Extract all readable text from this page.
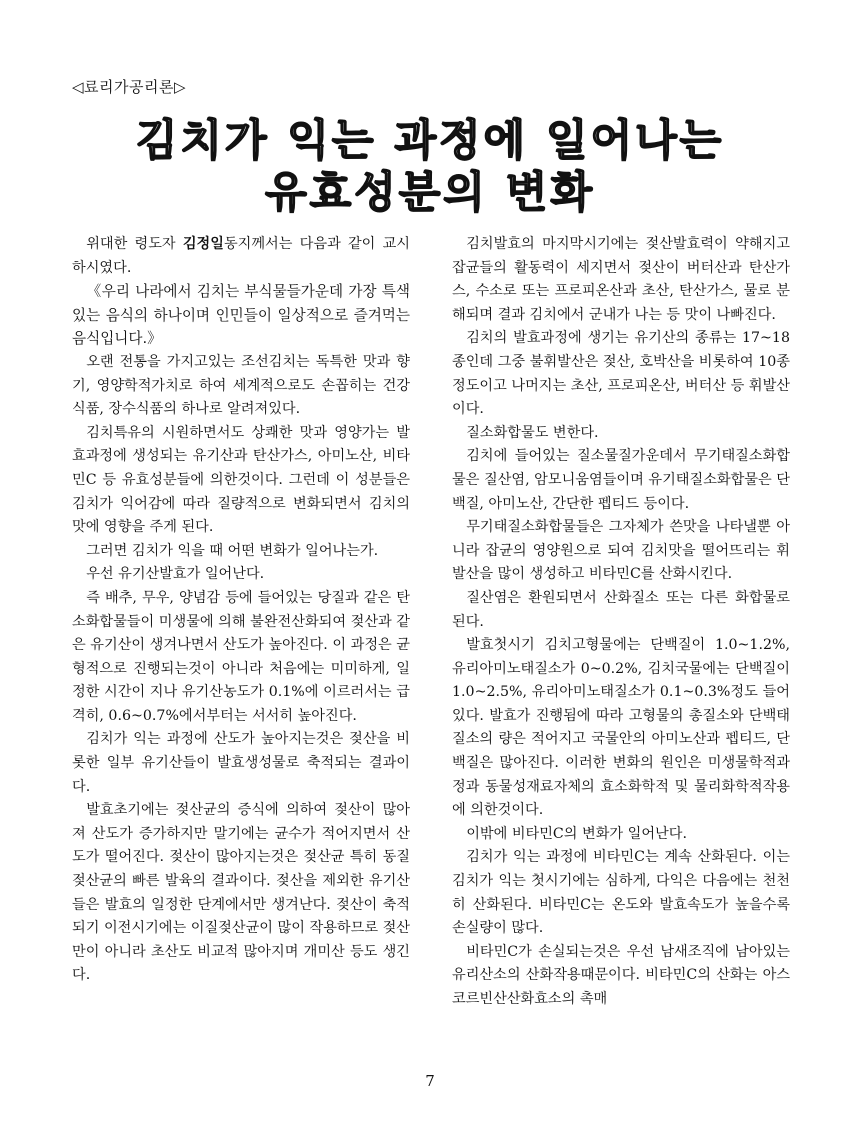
◁료리가공리론▷
김치가 익는 과정에 일어나는
유효성분의 변화

위대한 령도자 김정일동지께서는 다음과 같이 교시하시였다.

《우리 나라에서 김치는 부식물들가운데 가장 특색있는 음식의 하나이며 인민들이 일상적으로 즐겨먹는 음식입니다.》

오랜 전통을 가지고있는 조선김치는 독특한 맛과 향기, 영양학적가치로 하여 세계적으로도 손꼽히는 건강식품, 장수식품의 하나로 알려져있다.

김치특유의 시원하면서도 상쾌한 맛과 영양가는 발효과정에 생성되는 유기산과 탄산가스, 아미노산, 비타민C 등 유효성분들에 의한것이다. 그런데 이 성분들은 김치가 익어감에 따라 질량적으로 변화되면서 김치의 맛에 영향을 주게 된다.

그러면 김치가 익을 때 어떤 변화가 일어나는가.

우선 유기산발효가 일어난다.

즉 배추, 무우, 양념감 등에 들어있는 당질과 같은 탄소화합물들이 미생물에 의해 불완전산화되여 젖산과 같은 유기산이 생겨나면서 산도가 높아진다. 이 과정은 균형적으로 진행되는것이 아니라 처음에는 미미하게, 일정한 시간이 지나 유기산농도가 0.1%에 이르러서는 급격히, 0.6~0.7%에서부터는 서서히 높아진다.

김치가 익는 과정에 산도가 높아지는것은 젖산을 비롯한 일부 유기산들이 발효생성물로 축적되는 결과이다.

발효초기에는 젖산균의 증식에 의하여 젖산이 많아져 산도가 증가하지만 말기에는 균수가 적어지면서 산도가 떨어진다. 젖산이 많아지는것은 젖산균 특히 동질젖산균의 빠른 발육의 결과이다. 젖산을 제외한 유기산들은 발효의 일정한 단계에서만 생겨난다. 젖산이 축적되기 이전시기에는 이질젖산균이 많이 작용하므로 젖산만이 아니라 초산도 비교적 많아지며 개미산 등도 생긴다.

김치발효의 마지막시기에는 젖산발효력이 약해지고 잡균들의 활동력이 세지면서 젖산이 버터산과 탄산가스, 수소로 또는 프로피온산과 초산, 탄산가스, 물로 분해되며 결과 김치에서 군내가 나는 등 맛이 나빠진다.

김치의 발효과정에 생기는 유기산의 종류는 17~18종인데 그중 불휘발산은 젖산, 호박산을 비롯하여 10종정도이고 나머지는 초산, 프로피온산, 버터산 등 휘발산이다.

질소화합물도 변한다.

김치에 들어있는 질소물질가운데서 무기태질소화합물은 질산염, 암모니움염들이며 유기태질소화합물은 단백질, 아미노산, 간단한 펩티드 등이다.

무기태질소화합물들은 그자체가 쓴맛을 나타낼뿐 아니라 잡균의 영양원으로 되여 김치맛을 떨어뜨리는 휘발산을 많이 생성하고 비타민C를 산화시킨다.

질산염은 환원되면서 산화질소 또는 다른 화합물로 된다.

발효첫시기 김치고형물에는 단백질이 1.0~1.2%, 유리아미노태질소가 0~0.2%, 김치국물에는 단백질이 1.0~2.5%, 유리아미노태질소가 0.1~0.3%정도 들어있다. 발효가 진행됨에 따라 고형물의 총질소와 단백태질소의 량은 적어지고 국물안의 아미노산과 펩티드, 단백질은 많아진다. 이러한 변화의 원인은 미생물학적과정과 동물성재료자체의 효소화학적 및 물리화학적작용에 의한것이다.

이밖에 비타민C의 변화가 일어난다.

김치가 익는 과정에 비타민C는 계속 산화된다. 이는 김치가 익는 첫시기에는 심하게, 다익은 다음에는 천천히 산화된다. 비타민C는 온도와 발효속도가 높을수록 손실량이 많다.

비타민C가 손실되는것은 우선 남새조직에 남아있는 유리산소의 산화작용때문이다. 비타민C의 산화는 아스코르빈산산화효소의 촉매

7
